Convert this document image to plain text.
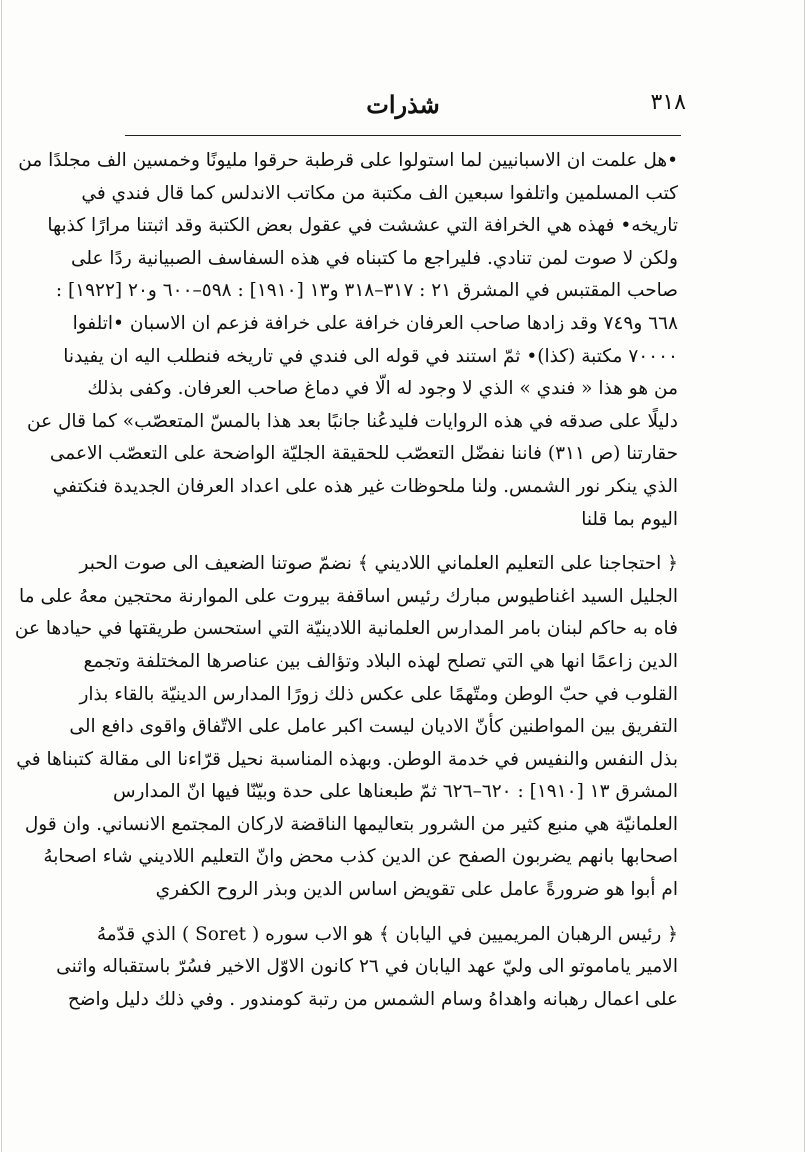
٣١٨
شذرات
•هل علمت ان الاسبانيين لما استولوا على قرطبة حرقوا مليونًا وخمسين الف مجلدًا من
كتب المسلمين واتلفوا سبعين الف مكتبة من مكاتب الاندلس كما قال فندي في
تاريخه• فهذه هي الخرافة التي عششت في عقول بعض الكتبة وقد اثبتنا مرارًا كذبها
ولكن لا صوت لمن تنادي. فليراجع ما كتبناه في هذه السفاسف الصبيانية ردًا على
صاحب المقتبس في المشرق ٢١ : ٣١٧–٣١٨ و١٣ [١٩١٠] : ٥٩٨–٦٠٠ و٢٠ [١٩٢٢] :
٦٦٨ و٧٤٩ وقد زادها صاحب العرفان خرافة على خرافة فزعم ان الاسبان •اتلفوا
٧٠٠٠٠ مكتبة (كذا)• ثمّ استند في قوله الى فندي في تاريخه فنطلب اليه ان يفيدنا
من هو هذا « فندي » الذي لا وجود له الّا في دماغ صاحب العرفان. وكفى بذلك
دليلًا على صدقه في هذه الروايات فليدعُنا جانبًا بعد هذا بالمسّ المتعصّب» كما قال عن
حقارتنا (ص ٣١١) فاننا نفضّل التعصّب للحقيقة الجليّة الواضحة على التعصّب الاعمى
الذي ينكر نور الشمس. ولنا ملحوظات غير هذه على اعداد العرفان الجديدة فنكتفي
اليوم بما قلنا
﴿ احتجاجنا على التعليم العلماني اللاديني ﴾ نضمّ صوتنا الضعيف الى صوت الحبر
الجليل السيد اغناطيوس مبارك رئيس اساقفة بيروت على الموارنة محتجين معهُ على ما
فاه به حاكم لبنان بامر المدارس العلمانية اللادينيّة التي استحسن طريقتها في حيادها عن
الدين زاعمًا انها هي التي تصلح لهذه البلاد وتؤالف بين عناصرها المختلفة وتجمع
القلوب في حبّ الوطن ومتّهمًا على عكس ذلك زورًا المدارس الدينيّة بالقاء بذار
التفريق بين المواطنين كأنّ الاديان ليست اكبر عامل على الاتّفاق واقوى دافع الى
بذل النفس والنفيس في خدمة الوطن. وبهذه المناسبة نحيل قرّاءنا الى مقالة كتبناها في
المشرق ١٣ [١٩١٠] : ٦٢٠–٦٢٦ ثمّ طبعناها على حدة وبيّنّا فيها انّ المدارس
العلمانيّة هي منبع كثير من الشرور بتعاليمها الناقضة لاركان المجتمع الانساني. وان قول
اصحابها بانهم يضربون الصفح عن الدين كذب محض وانّ التعليم اللاديني شاء اصحابهُ
ام أبوا هو ضرورةً عامل على تقويض اساس الدين وبذر الروح الكفري
﴿ رئيس الرهبان المريميين في اليابان ﴾ هو الاب سوره ( Soret ) الذي قدّمهُ
الامير ياماموتو الى وليّ عهد اليابان في ٢٦ كانون الاوّل الاخير فسُرّ باستقباله واثنى
على اعمال رهبانه واهداهُ وسام الشمس من رتبة كومندور . وفي ذلك دليل واضح
